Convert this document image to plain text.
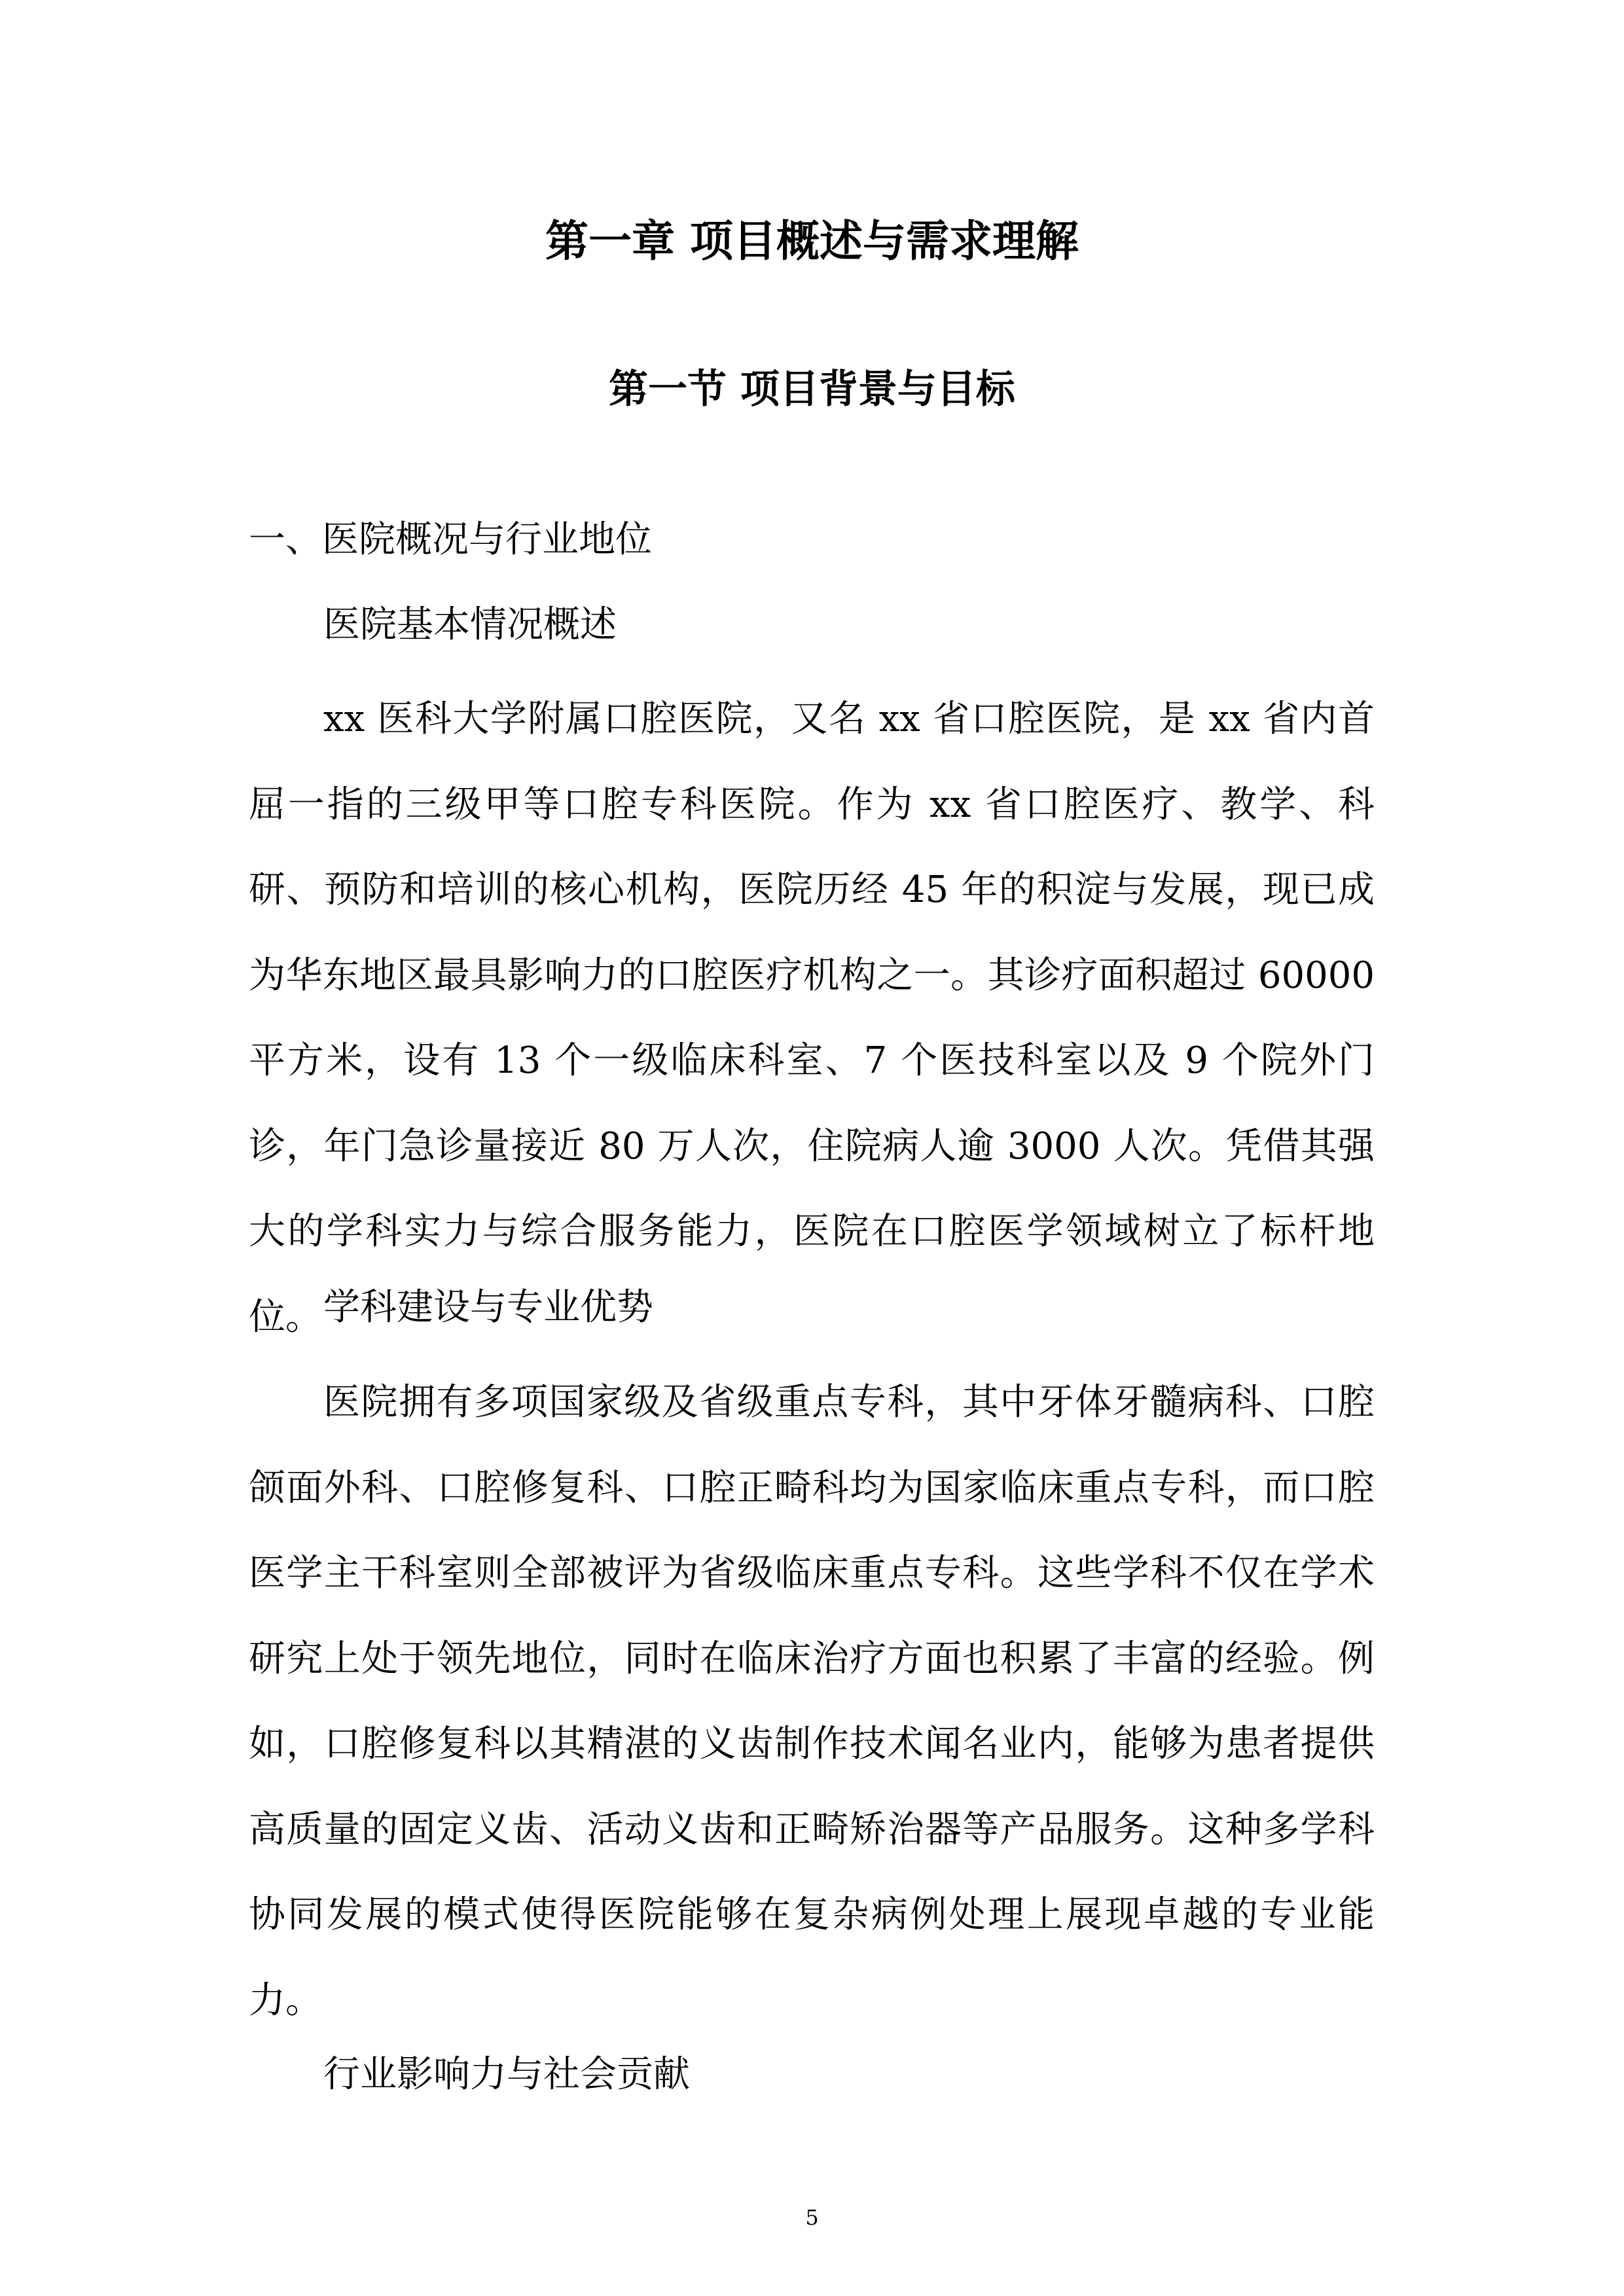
第一章 项目概述与需求理解
第一节 项目背景与目标
一、医院概况与行业地位
医院基本情况概述

xx 医科大学附属口腔医院，又名 xx 省口腔医院，是 xx 省内首屈一指的三级甲等口腔专科医院。作为 xx 省口腔医疗、教学、科研、预防和培训的核心机构，医院历经 45 年的积淀与发展，现已成为华东地区最具影响力的口腔医疗机构之一。其诊疗面积超过 60000 平方米，设有 13 个一级临床科室、7 个医技科室以及 9 个院外门诊，年门急诊量接近 80 万人次，住院病人逾 3000 人次。凭借其强大的学科实力与综合服务能力，医院在口腔医学领域树立了标杆地位。 学科建设与专业优势

医院拥有多项国家级及省级重点专科，其中牙体牙髓病科、口腔颌面外科、口腔修复科、口腔正畸科均为国家临床重点专科，而口腔医学主干科室则全部被评为省级临床重点专科。这些学科不仅在学术研究上处于领先地位，同时在临床治疗方面也积累了丰富的经验。例如，口腔修复科以其精湛的义齿制作技术闻名业内，能够为患者提供高质量的固定义齿、活动义齿和正畸矫治器等产品服务。这种多学科协同发展的模式使得医院能够在复杂病例处理上展现卓越的专业能力。

行业影响力与社会贡献
5
